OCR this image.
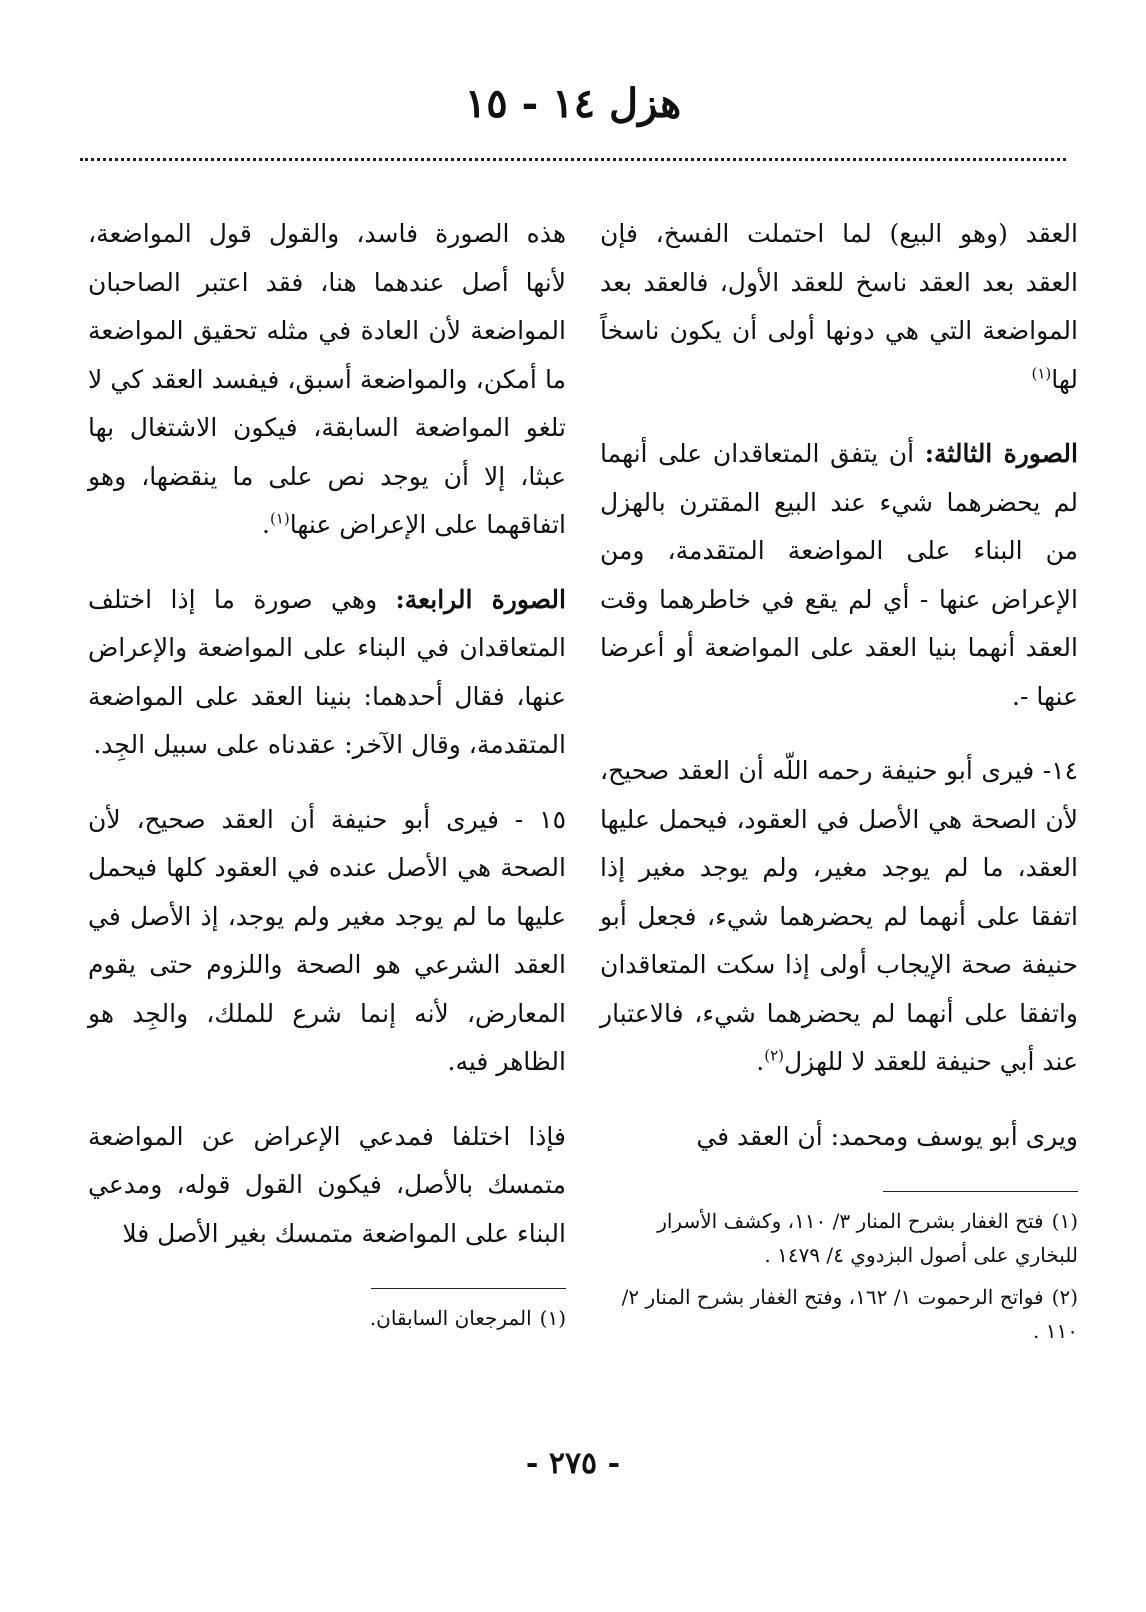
هزل ١٤ - ١٥

العقد (وهو البيع) لما احتملت الفسخ، فإن العقد بعد العقد ناسخ للعقد الأول، فالعقد بعد المواضعة التي هي دونها أولى أن يكون ناسخاً لها$^{(١)}$

الصورة الثالثة: أن يتفق المتعاقدان على أنهما لم يحضرهما شيء عند البيع المقترن بالهزل من البناء على المواضعة المتقدمة، ومن الإعراض عنها - أي لم يقع في خاطرهما وقت العقد أنهما بنيا العقد على المواضعة أو أعرضا عنها -.

١٤- فيرى أبو حنيفة رحمه اللّه أن العقد صحيح، لأن الصحة هي الأصل في العقود، فيحمل عليها العقد، ما لم يوجد مغير، ولم يوجد مغير إذا اتفقا على أنهما لم يحضرهما شيء، فجعل أبو حنيفة صحة الإيجاب أولى إذا سكت المتعاقدان واتفقا على أنهما لم يحضرهما شيء، فالاعتبار عند أبي حنيفة للعقد لا للهزل$^{(٢)}$.

ويرى أبو يوسف ومحمد: أن العقد في

(١)فتح الغفار بشرح المنار ٣/ ١١٠، وكشف الأسرار للبخاري على أصول البزدوي ٤/ ١٤٧٩ .

(٢)فواتح الرحموت ١/ ١٦٢، وفتح الغفار بشرح المنار ٢/ ١١٠ .

هذه الصورة فاسد، والقول قول المواضعة، لأنها أصل عندهما هنا، فقد اعتبر الصاحبان المواضعة لأن العادة في مثله تحقيق المواضعة ما أمكن، والمواضعة أسبق، فيفسد العقد كي لا تلغو المواضعة السابقة، فيكون الاشتغال بها عبثا، إلا أن يوجد نص على ما ينقضها، وهو اتفاقهما على الإعراض عنها$^{(١)}$.

الصورة الرابعة: وهي صورة ما إذا اختلف المتعاقدان في البناء على المواضعة والإعراض عنها، فقال أحدهما: بنينا العقد على المواضعة المتقدمة، وقال الآخر: عقدناه على سبيل الجِد.

١٥ - فيرى أبو حنيفة أن العقد صحيح، لأن الصحة هي الأصل عنده في العقود كلها فيحمل عليها ما لم يوجد مغير ولم يوجد، إذ الأصل في العقد الشرعي هو الصحة واللزوم حتى يقوم المعارض، لأنه إنما شرع للملك، والجِد هو الظاهر فيه.

فإذا اختلفا فمدعي الإعراض عن المواضعة متمسك بالأصل، فيكون القول قوله، ومدعي البناء على المواضعة متمسك بغير الأصل فلا

(١)المرجعان السابقان.

- ٢٧٥ -
